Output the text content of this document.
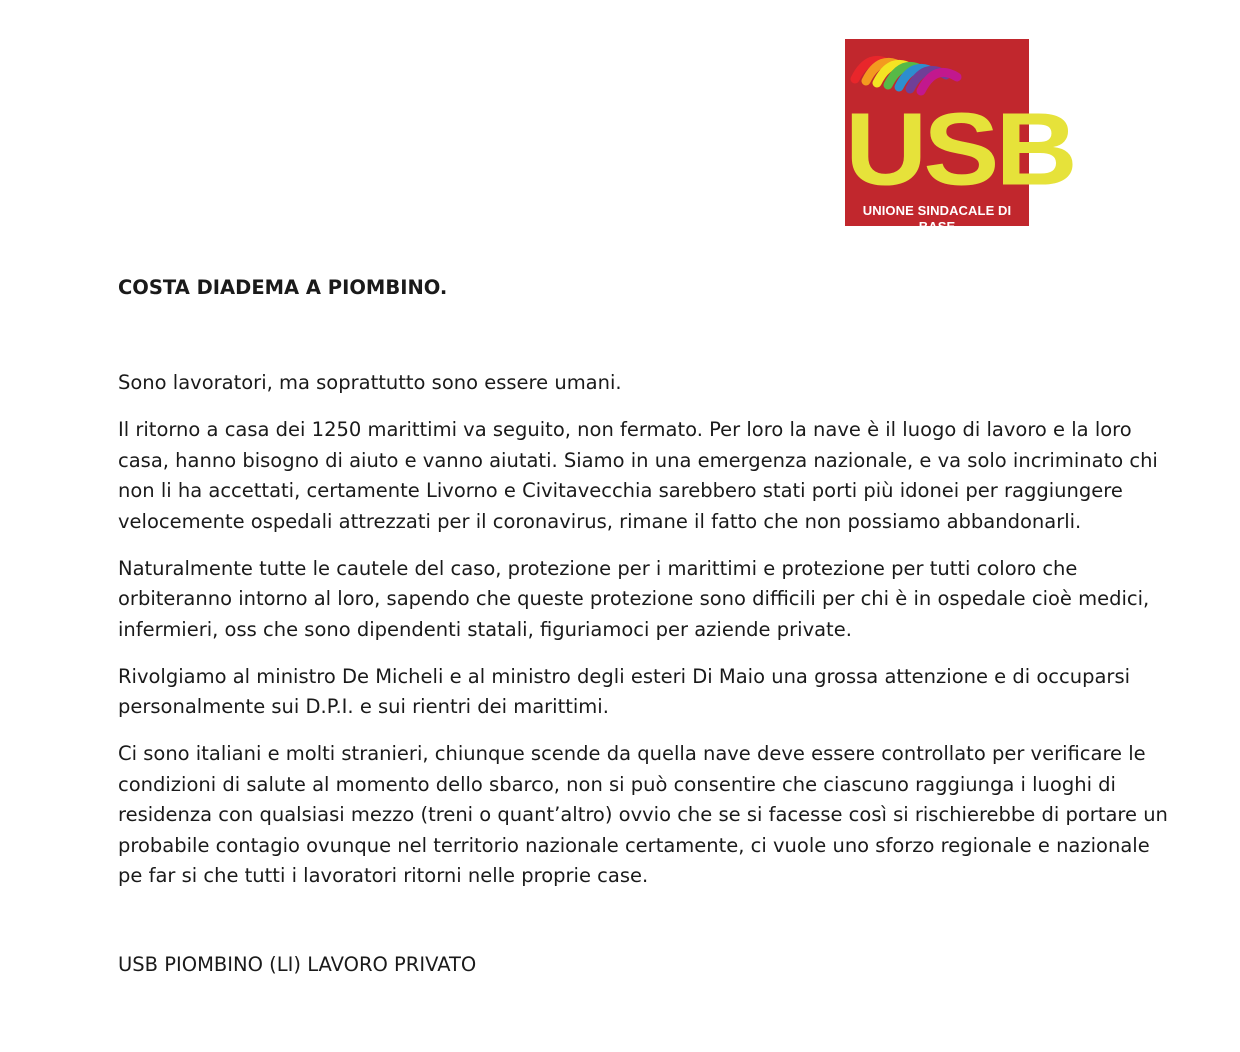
USB
UNIONE SINDACALE DI BASE
COSTA DIADEMA A PIOMBINO.

Sono lavoratori, ma soprattutto sono essere umani.

Il ritorno a casa dei 1250 marittimi va seguito, non fermato. Per loro la nave è il luogo di lavoro e la loro
casa, hanno bisogno di aiuto e vanno aiutati. Siamo in una emergenza nazionale, e va solo incriminato chi
non li ha accettati, certamente Livorno e Civitavecchia sarebbero stati porti più idonei per raggiungere
velocemente ospedali attrezzati per il coronavirus, rimane il fatto che non possiamo abbandonarli.

Naturalmente tutte le cautele del caso, protezione per i marittimi e protezione per tutti coloro che
orbiteranno intorno al loro, sapendo che queste protezione sono difficili per chi è in ospedale cioè medici,
infermieri, oss che sono dipendenti statali, figuriamoci per aziende private.

Rivolgiamo al ministro De Micheli e al ministro degli esteri Di Maio una grossa attenzione e di occuparsi
personalmente sui D.P.I. e sui rientri dei marittimi.

Ci sono italiani e molti stranieri, chiunque scende da quella nave deve essere controllato per verificare le
condizioni di salute al momento dello sbarco, non si può consentire che ciascuno raggiunga i luoghi di
residenza con qualsiasi mezzo (treni o quant’altro) ovvio che se si facesse così si rischierebbe di portare un
probabile contagio ovunque nel territorio nazionale certamente, ci vuole uno sforzo regionale e nazionale
pe far si che tutti i lavoratori ritorni nelle proprie case.

USB PIOMBINO (LI) LAVORO PRIVATO
